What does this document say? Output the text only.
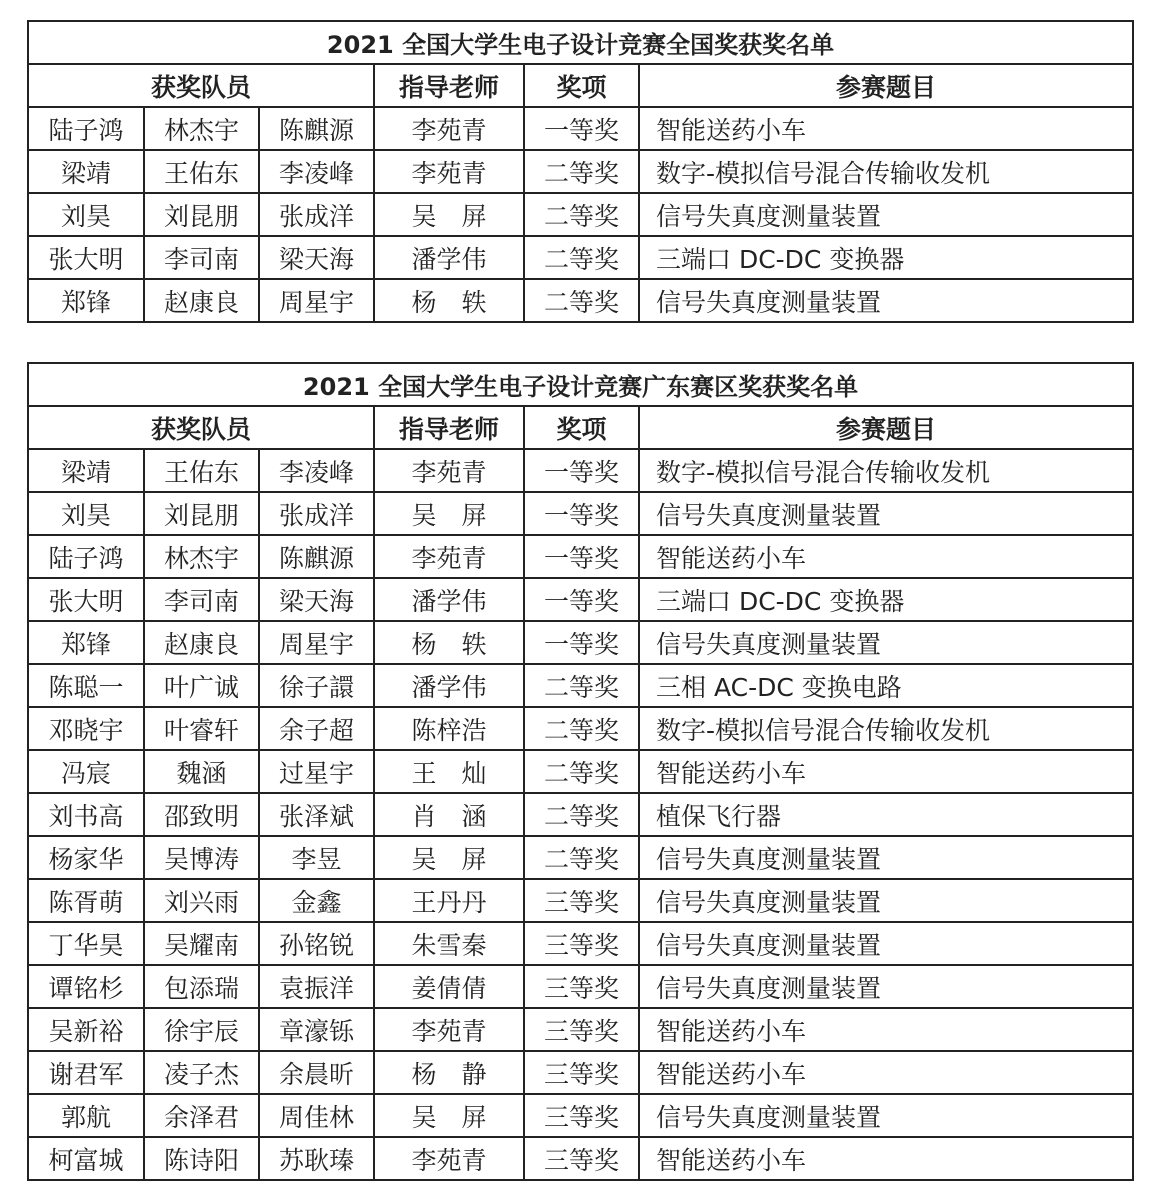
2021 全国大学生电子设计竞赛全国奖获奖名单					
获奖队员			指导老师	奖项	参赛题目
陆子鸿	林杰宇	陈麒源	李苑青	一等奖	智能送药小车
梁靖	王佑东	李凌峰	李苑青	二等奖	数字-模拟信号混合传输收发机
刘昊	刘昆朋	张成洋	吴　屏	二等奖	信号失真度测量装置
张大明	李司南	梁天海	潘学伟	二等奖	三端口 DC-DC 变换器
郑锋	赵康良	周星宇	杨　轶	二等奖	信号失真度测量装置
2021 全国大学生电子设计竞赛广东赛区奖获奖名单					
获奖队员			指导老师	奖项	参赛题目
梁靖	王佑东	李凌峰	李苑青	一等奖	数字-模拟信号混合传输收发机
刘昊	刘昆朋	张成洋	吴　屏	一等奖	信号失真度测量装置
陆子鸿	林杰宇	陈麒源	李苑青	一等奖	智能送药小车
张大明	李司南	梁天海	潘学伟	一等奖	三端口 DC-DC 变换器
郑锋	赵康良	周星宇	杨　轶	一等奖	信号失真度测量装置
陈聪一	叶广诚	徐子譞	潘学伟	二等奖	三相 AC-DC 变换电路
邓晓宇	叶睿轩	余子超	陈梓浩	二等奖	数字-模拟信号混合传输收发机
冯宸	魏涵	过星宇	王　灿	二等奖	智能送药小车
刘书高	邵致明	张泽斌	肖　涵	二等奖	植保飞行器
杨家华	吴博涛	李昱	吴　屏	二等奖	信号失真度测量装置
陈胥萌	刘兴雨	金鑫	王丹丹	三等奖	信号失真度测量装置
丁华昊	吴耀南	孙铭锐	朱雪秦	三等奖	信号失真度测量装置
谭铭杉	包添瑞	袁振洋	姜倩倩	三等奖	信号失真度测量装置
吴新裕	徐宇辰	章濠铄	李苑青	三等奖	智能送药小车
谢君军	凌子杰	余晨昕	杨　静	三等奖	智能送药小车
郭航	余泽君	周佳林	吴　屏	三等奖	信号失真度测量装置
柯富城	陈诗阳	苏耿瑧	李苑青	三等奖	智能送药小车
